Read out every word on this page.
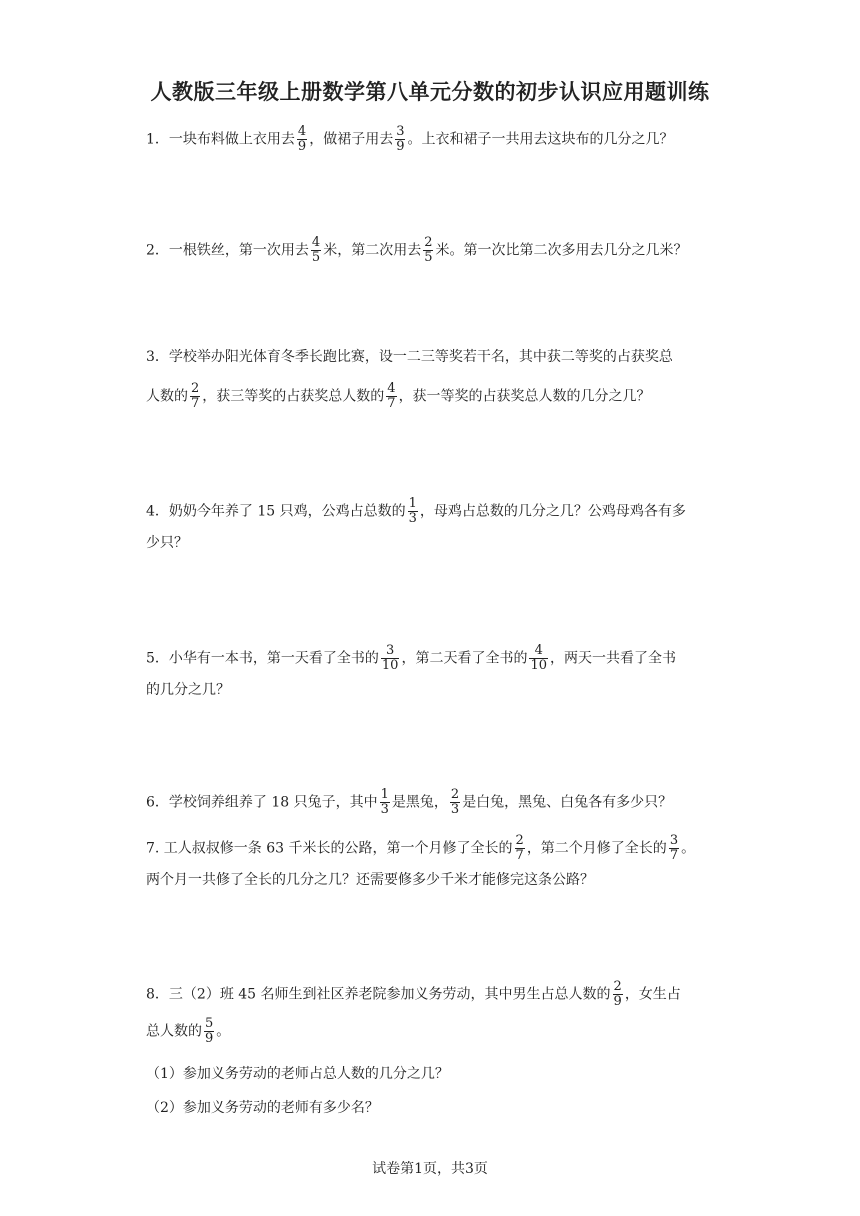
人教版三年级上册数学第八单元分数的初步认识应用题训练
1．一块布料做上衣用去 $\frac{4}{9}$ ，做裙子用去 $\frac{3}{9}$ 。上衣和裙子一共用去这块布的几分之几？
2．一根铁丝，第一次用去 $\frac{4}{5}$ 米，第二次用去 $\frac{2}{5}$ 米。第一次比第二次多用去几分之几米？
3．学校举办阳光体育冬季长跑比赛，设一二三等奖若干名，其中获二等奖的占获奖总
人数的 $\frac{2}{7}$ ，获三等奖的占获奖总人数的 $\frac{4}{7}$ ，获一等奖的占获奖总人数的几分之几？
4．奶奶今年养了 15 只鸡，公鸡占总数的 $\frac{1}{3}$ ，母鸡占总数的几分之几？公鸡母鸡各有多
少只？
5．小华有一本书，第一天看了全书的 $\frac{3}{10}$ ，第二天看了全书的 $\frac{4}{10}$ ，两天一共看了全书
的几分之几？
6．学校饲养组养了 18 只兔子，其中 $\frac{1}{3}$ 是黑兔， $\frac{2}{3}$ 是白兔，黑兔、白兔各有多少只？
7. 工人叔叔修一条 63 千米长的公路，第一个月修了全长的 $\frac{2}{7}$ ，第二个月修了全长的 $\frac{3}{7}$ 。
两个月一共修了全长的几分之几？还需要修多少千米才能修完这条公路？
8．三（2）班 45 名师生到社区养老院参加义务劳动，其中男生占总人数的 $\frac{2}{9}$ ，女生占
总人数的 $\frac{5}{9}$ 。
（1）参加义务劳动的老师占总人数的几分之几？
（2）参加义务劳动的老师有多少名？
试卷第1页，共3页
